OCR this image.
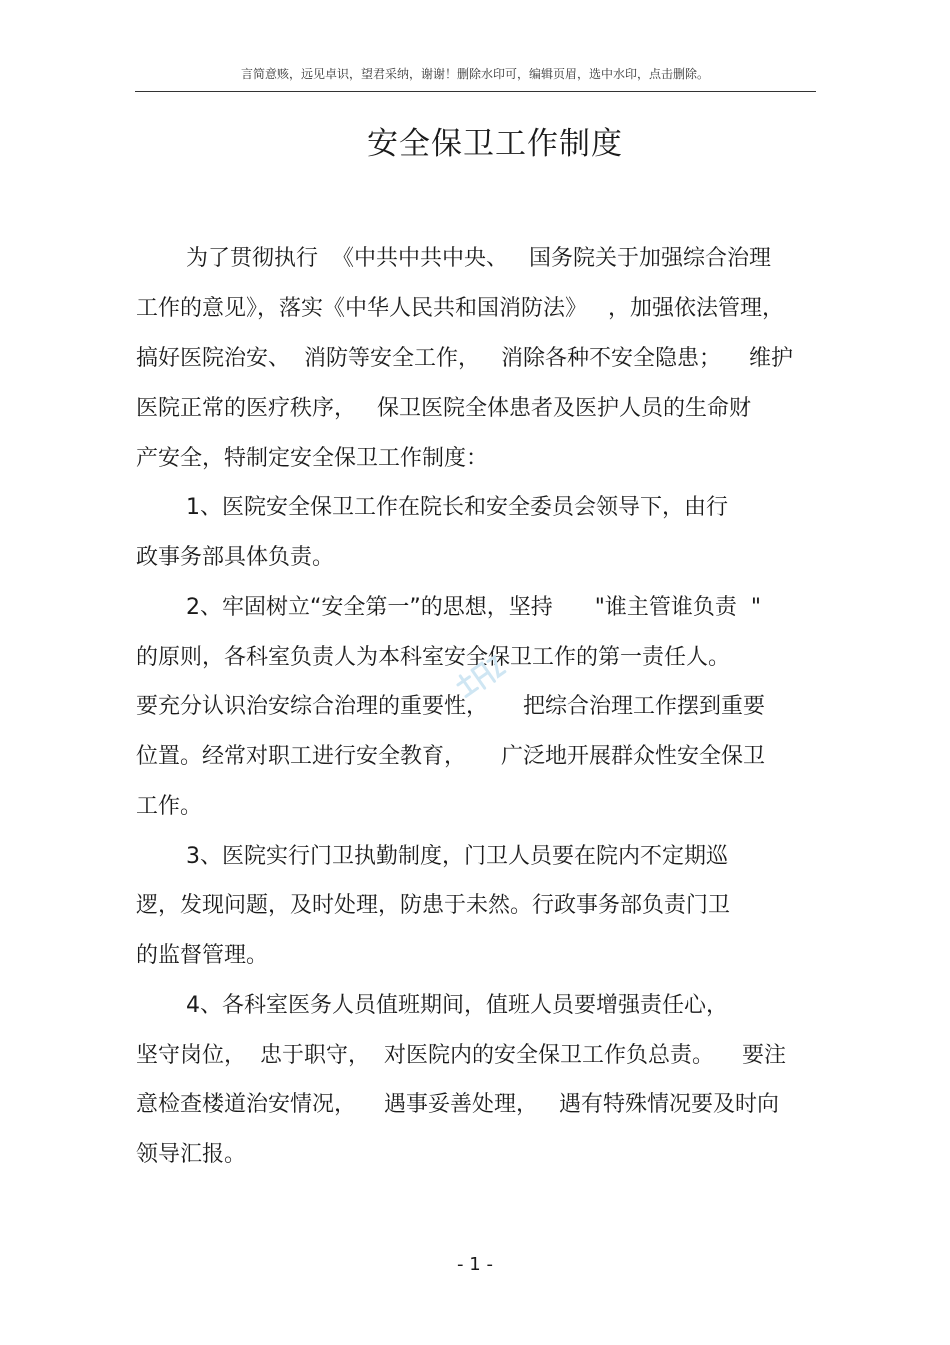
言简意赅，远见卓识，望君采纳，谢谢！删除水印可，编辑页眉，选中水印，点击删除。
安全保卫工作制度
为了贯彻执行  《中共中共中央、   国务院关于加强综合治理
工作的意见》，落实《中华人民共和国消防法》   ，加强依法管理，
搞好医院治安、  消防等安全工作，   消除各种不安全隐患；    维护
医院正常的医疗秩序，   保卫医院全体患者及医护人员的生命财
产安全，特制定安全保卫工作制度：
1、医院安全保卫工作在院长和安全委员会领导下，由行
政事务部具体负责。
2、牢固树立“安全第一”的思想，坚持      "谁主管谁负责  "
的原则，各科室负责人为本科室安全保卫工作的第一责任人。
要充分认识治安综合治理的重要性，     把综合治理工作摆到重要
位置。经常对职工进行安全教育，     广泛地开展群众性安全保卫
工作。
3、医院实行门卫执勤制度，门卫人员要在院内不定期巡
逻，发现问题，及时处理，防患于未然。行政事务部负责门卫
的监督管理。
4、各科室医务人员值班期间，值班人员要增强责任心，
坚守岗位，  忠于职守，  对医院内的安全保卫工作负总责。    要注
意检查楼道治安情况，    遇事妥善处理，   遇有特殊情况要及时向
领导汇报。
- 1 -
